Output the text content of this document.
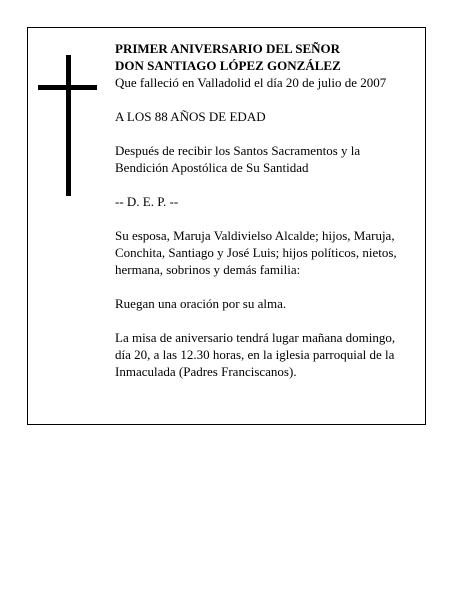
PRIMER ANIVERSARIO DEL SEÑOR

DON SANTIAGO LÓPEZ GONZÁLEZ

Que falleció en Valladolid el día 20 de julio de 2007

A LOS 88 AÑOS DE EDAD

Después de recibir los Santos Sacramentos y la

Bendición Apostólica de Su Santidad

-- D. E. P. --

Su esposa, Maruja Valdivielso Alcalde; hijos, Maruja,

Conchita, Santiago y José Luis; hijos políticos, nietos,

hermana, sobrinos y demás familia:

Ruegan una oración por su alma.

La misa de aniversario tendrá lugar mañana domingo,

día 20, a las 12.30 horas, en la iglesia parroquial de la

Inmaculada (Padres Franciscanos).
